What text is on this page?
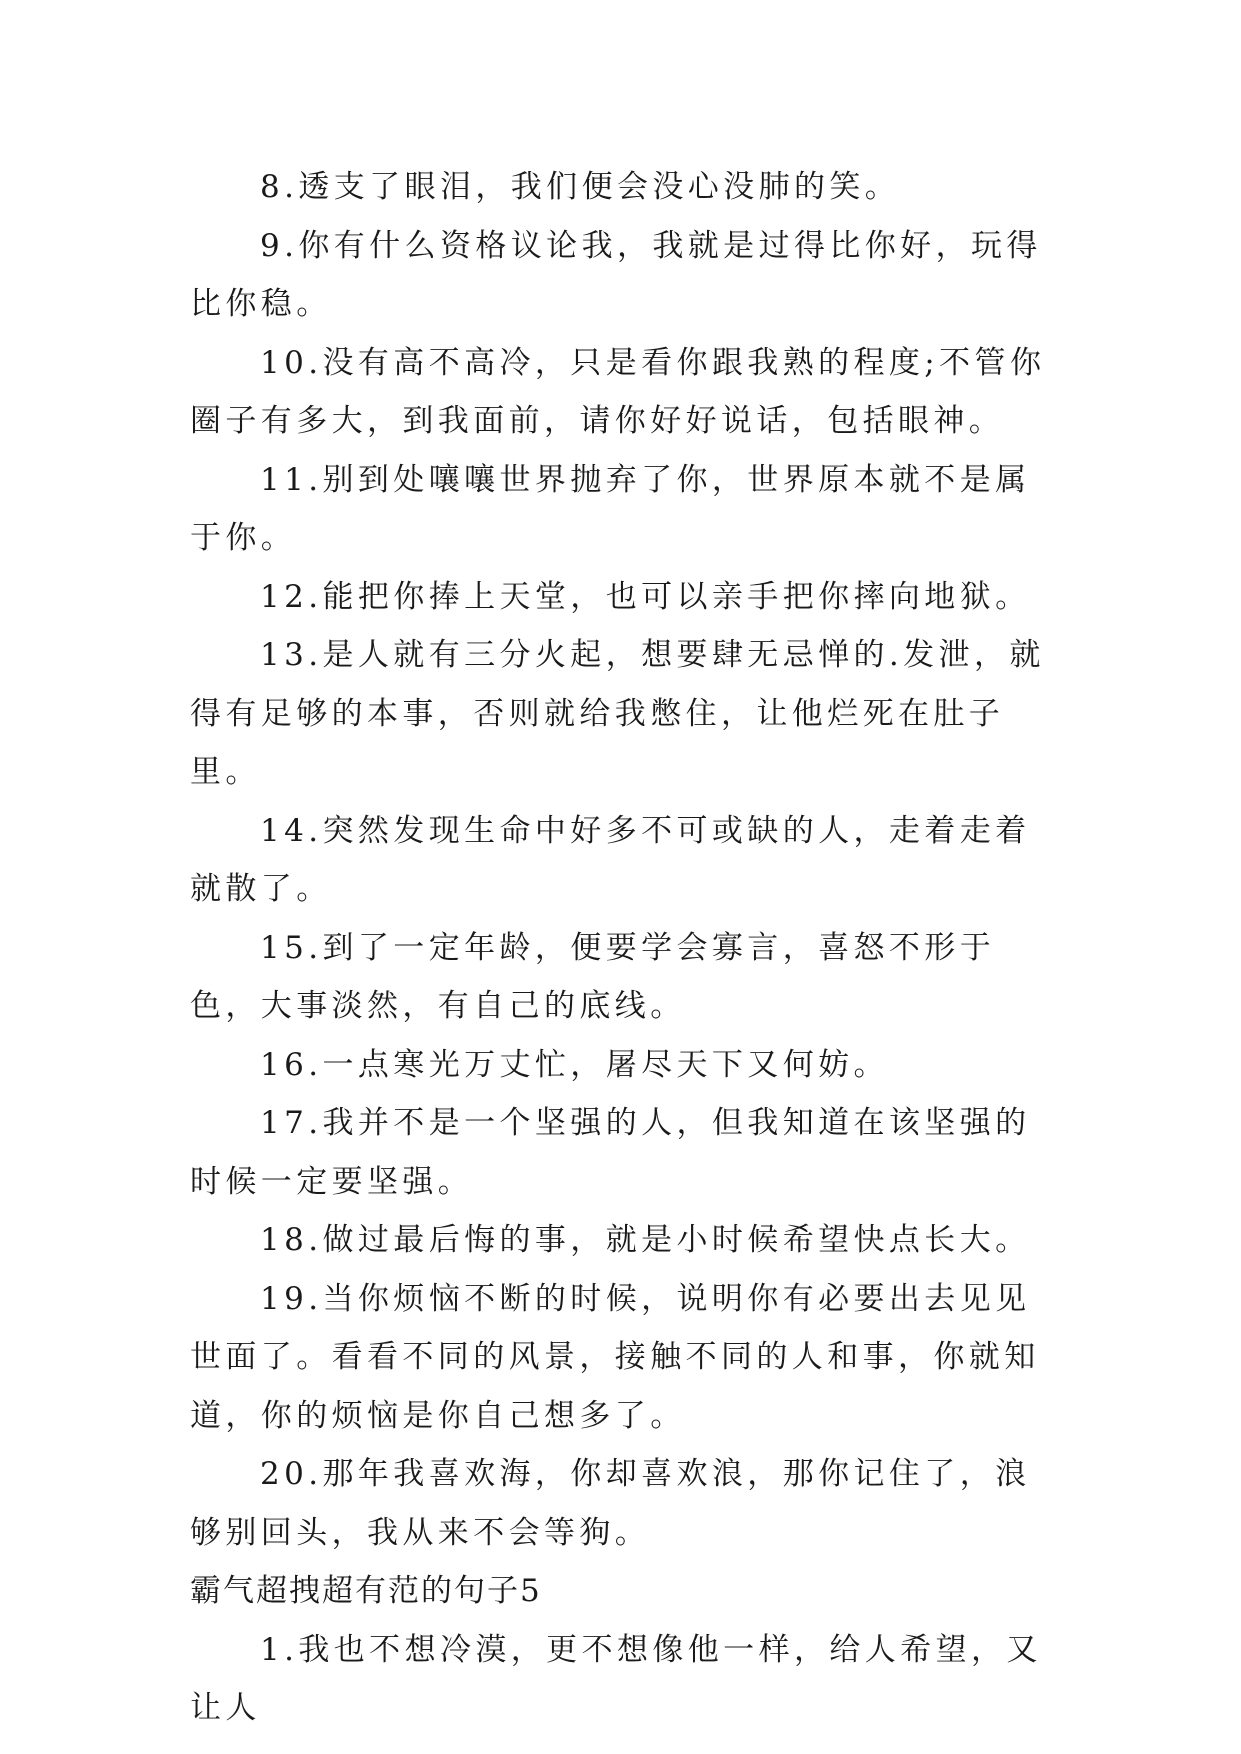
8.透支了眼泪，我们便会没心没肺的笑。

9.你有什么资格议论我，我就是过得比你好，玩得比你稳。

10.没有高不高冷，只是看你跟我熟的程度;不管你圈子有多大，到我面前，请你好好说话，包括眼神。

11.别到处嚷嚷世界抛弃了你，世界原本就不是属于你。

12.能把你捧上天堂，也可以亲手把你摔向地狱。

13.是人就有三分火起，想要肆无忌惮的.发泄，就得有足够的本事，否则就给我憋住，让他烂死在肚子里。

14.突然发现生命中好多不可或缺的人，走着走着就散了。

15.到了一定年龄，便要学会寡言，喜怒不形于色，大事淡然，有自己的底线。

16.一点寒光万丈忙，屠尽天下又何妨。

17.我并不是一个坚强的人，但我知道在该坚强的时候一定要坚强。

18.做过最后悔的事，就是小时候希望快点长大。

19.当你烦恼不断的时候，说明你有必要出去见见世面了。看看不同的风景，接触不同的人和事，你就知道，你的烦恼是你自己想多了。

20.那年我喜欢海，你却喜欢浪，那你记住了，浪够别回头，我从来不会等狗。

霸气超拽超有范的句子5

1.我也不想冷漠，更不想像他一样，给人希望，又让人
